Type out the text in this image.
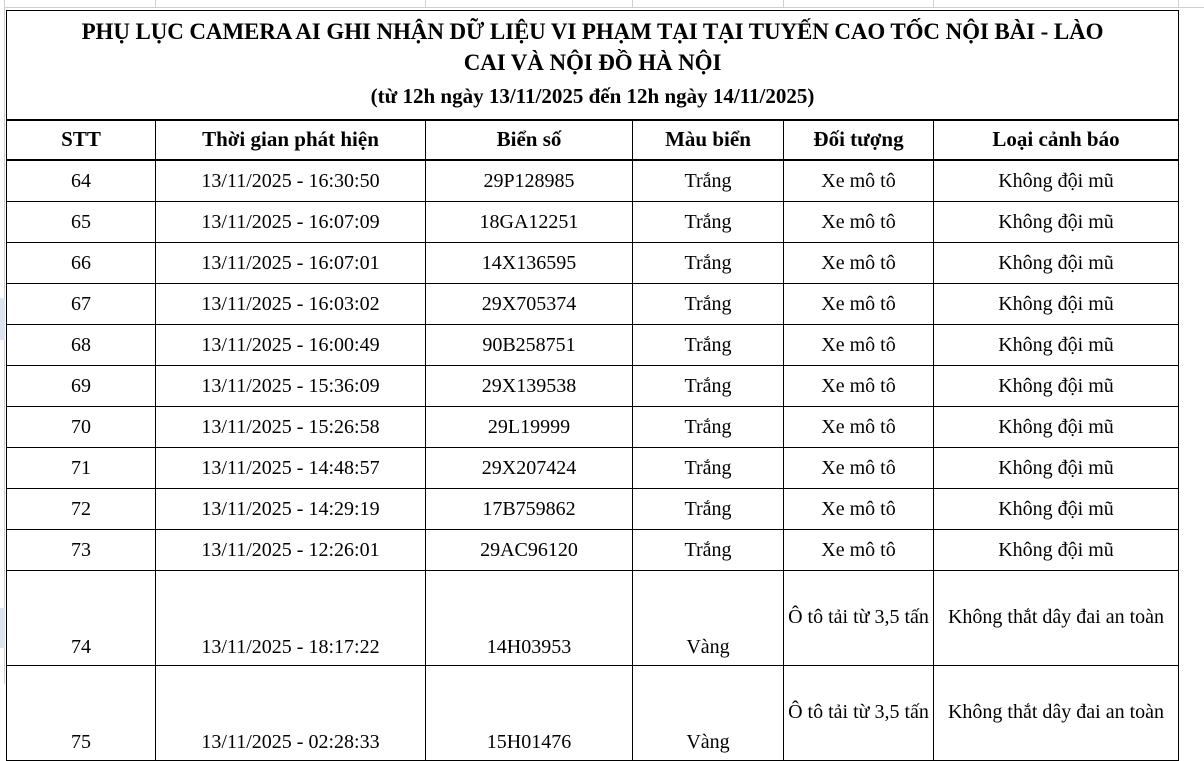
PHỤ LỤC CAMERA AI GHI NHẬN DỮ LIỆU VI PHẠM TẠI TẠI TUYẾN CAO TỐC NỘI BÀI - LÀO
CAI VÀ NỘI ĐỒ HÀ NỘI
(từ 12h ngày 13/11/2025 đến 12h ngày 14/11/2025)					

STT	Thời gian phát hiện	Biển số	Màu biển	Đối tượng	Loại cảnh báo
64	13/11/2025 - 16:30:50	29P128985	Trắng	Xe mô tô	Không đội mũ
65	13/11/2025 - 16:07:09	18GA12251	Trắng	Xe mô tô	Không đội mũ
66	13/11/2025 - 16:07:01	14X136595	Trắng	Xe mô tô	Không đội mũ
67	13/11/2025 - 16:03:02	29X705374	Trắng	Xe mô tô	Không đội mũ
68	13/11/2025 - 16:00:49	90B258751	Trắng	Xe mô tô	Không đội mũ
69	13/11/2025 - 15:36:09	29X139538	Trắng	Xe mô tô	Không đội mũ
70	13/11/2025 - 15:26:58	29L19999	Trắng	Xe mô tô	Không đội mũ
71	13/11/2025 - 14:48:57	29X207424	Trắng	Xe mô tô	Không đội mũ
72	13/11/2025 - 14:29:19	17B759862	Trắng	Xe mô tô	Không đội mũ
73	13/11/2025 - 12:26:01	29AC96120	Trắng	Xe mô tô	Không đội mũ
74	13/11/2025 - 18:17:22	14H03953	Vàng	Ô tô tải từ 3,5 tấn	Không thắt dây đai an toàn
75	13/11/2025 - 02:28:33	15H01476	Vàng	Ô tô tải từ 3,5 tấn	Không thắt dây đai an toàn
